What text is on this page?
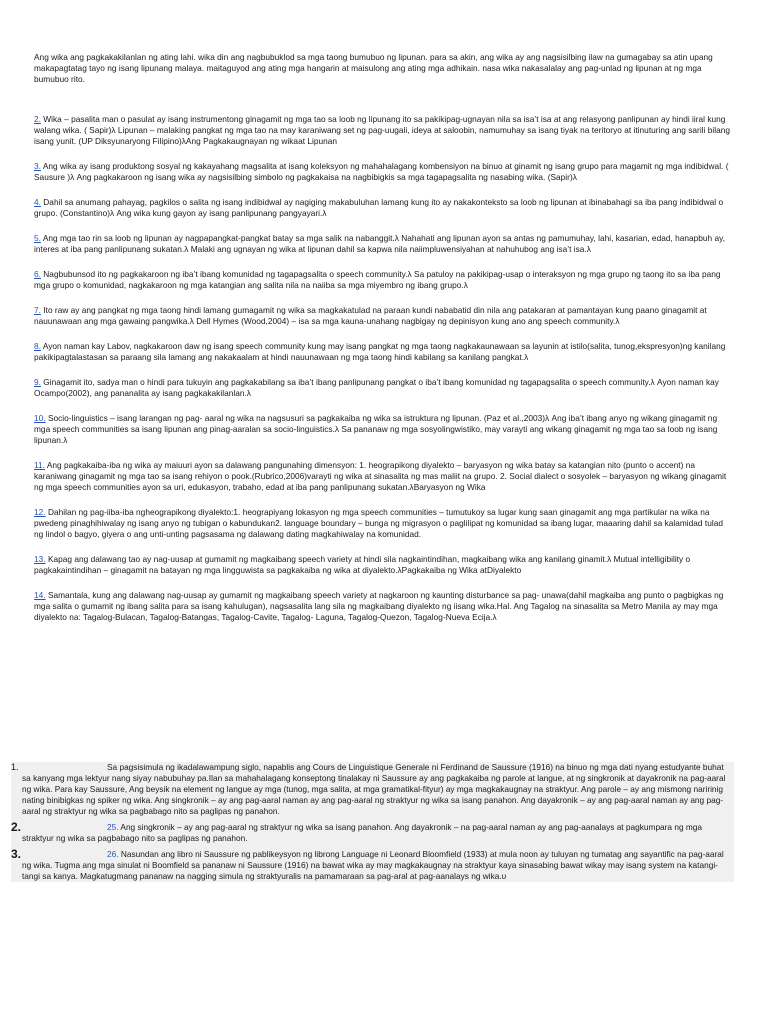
Ang wika ang pagkakakilanlan ng ating lahi. wika din ang nagbubuklod sa mga taong bumubuo ng lipunan. para sa akin, ang wika ay ang nagsisilbing ilaw na gumagabay sa atin upang makapagtatag tayo ng isang lipunang malaya. maitaguyod ang ating mga hangarin at maisulong ang ating mga adhikain. nasa wika nakasalalay ang pag-unlad ng lipunan at ng mga bumubuo rito.

2. Wika – pasalita man o pasulat ay isang instrumentong ginagamit ng mga tao sa loob ng lipunang ito sa pakikipag-ugnayan nila sa isa’t isa at ang relasyong panlipunan ay hindi iiral kung walang wika. ( Sapir)λ Lipunan – malaking pangkat ng mga tao na may karaniwang set ng pag-uugali, ideya at saloobin, namumuhay sa isang tiyak na teritoryo at itinuturing ang sarili bilang isang yunit. (UP Diksyunaryong Filipino)λAng Pagkakaugnayan ng wikaat Lipunan

3. Ang wika ay isang produktong sosyal ng kakayahang magsalita at isang koleksyon ng mahahalagang kombensiyon na binuo at ginamit ng isang grupo para magamit ng mga indibidwal. ( Sausure )λ Ang pagkakaroon ng isang wika ay nagsisilbing simbolo ng pagkakaisa na nagbibigkis sa mga tagapagsalita ng nasabing wika. (Sapir)λ

4. Dahil sa anumang pahayag, pagkilos o salita ng isang indibidwal ay nagiging makabuluhan lamang kung ito ay nakakonteksto sa loob ng lipunan at ibinabahagi sa iba pang indibidwal o grupo. (Constantino)λ Ang wika kung gayon ay isang panlipunang pangyayari.λ

5. Ang mga tao rin sa loob ng lipunan ay nagpapangkat-pangkat batay sa mga salik na nabanggit.λ Nahahati ang lipunan ayon sa antas ng pamumuhay, lahi, kasarian, edad, hanapbuh ay, interes at iba pang panlipunang sukatan.λ Malaki ang ugnayan ng wika at lipunan dahil sa kapwa nila naiimpluwensiyahan at nahuhubog ang isa’t isa.λ

6. Nagbubunsod ito ng pagkakaroon ng iba’t ibang komunidad ng tagapagsalita o speech community.λ Sa patuloy na pakikipag-usap o interaksyon ng mga grupo ng taong ito sa iba pang mga grupo o komunidad, nagkakaroon ng mga katangian ang salita nila na naiiba sa mga miyembro ng ibang grupo.λ

7. Ito raw ay ang pangkat ng mga taong hindi lamang gumagamit ng wika sa magkakatulad na paraan kundi nababatid din nila ang patakaran at pamantayan kung paano ginagamit at nauunawaan ang mga gawaing pangwika.λ Dell Hymes (Wood,2004) – isa sa mga kauna-unahang nagbigay ng depinisyon kung ano ang speech community.λ

8. Ayon naman kay Labov, nagkakaroon daw ng isang speech community kung may isang pangkat ng mga taong nagkakaunawaan sa layunin at istilo(salita, tunog,ekspresyon)ng kanilang pakikipagtalastasan sa paraang sila lamang ang nakakaalam at hindi nauunawaan ng mga taong hindi kabilang sa kanilang pangkat.λ

9. Ginagamit ito, sadya man o hindi para tukuyin ang pagkakabilang sa iba’t ibang panlipunang pangkat o iba’t ibang komunidad ng tagapagsalita o speech community.λ Ayon naman kay Ocampo(2002), ang pananalita ay isang pagkakakilanlan.λ

10. Socio-linguistics – isang larangan ng pag- aaral ng wika na nagsusuri sa pagkakaiba ng wika sa istruktura ng lipunan. (Paz et al.,2003)λ Ang iba’t ibang anyo ng wikang ginagamit ng mga speech communities sa isang lipunan ang pinag-aaralan sa socio-linguistics.λ Sa pananaw ng mga sosyolingwistiko, may varayti ang wikang ginagamit ng mga tao sa loob ng isang lipunan.λ

11. Ang pagkakaiba-iba ng wika ay maiuuri ayon sa dalawang pangunahing dimensyon: 1. heograpikong diyalekto – baryasyon ng wika batay sa katangian nito (punto o accent) na karaniwang ginagamit ng mga tao sa isang rehiyon o pook.(Rubrico,2006)varayti ng wika at sinasalita ng mas maliit na grupo. 2. Social dialect o sosyolek – baryasyon ng wikang ginagamit ng mga speech communities ayon sa uri, edukasyon, trabaho, edad at iba pang panlipunang sukatan.λBaryasyon ng Wika

12. Dahilan ng pag-iiba-iba ngheograpikong diyalekto:1. heograpiyang lokasyon ng mga speech communities – tumutukoy sa lugar kung saan ginagamit ang mga partikular na wika na pwedeng pinaghihiwalay ng isang anyo ng tubigan o kabundukan2. language boundary – bunga ng migrasyon o paglilipat ng komunidad sa ibang lugar, maaaring dahil sa kalamidad tulad ng lindol o bagyo, giyera o ang unti-unting pagsasama ng dalawang dating magkahiwalay na komunidad.

13. Kapag ang dalawang tao ay nag-uusap at gumamit ng magkaibang speech variety at hindi sila nagkaintindihan, magkaibang wika ang kanilang ginamit.λ Mutual intelligibility o pagkakaintindihan – ginagamit na batayan ng mga lingguwista sa pagkakaiba ng wika at diyalekto.λPagkakaiba ng Wika atDiyalekto

14. Samantala, kung ang dalawang nag-uusap ay gumamit ng magkaibang speech variety at nagkaroon ng kaunting disturbance sa pag- unawa(dahil magkaiba ang punto o pagbigkas ng mga salita o gumamit ng ibang salita para sa isang kahulugan), nagsasalita lang sila ng magkaibang diyalekto ng iisang wika.Hal. Ang Tagalog na sinasalita sa Metro Manila ay may mga diyalekto na: Tagalog-Bulacan, Tagalog-Batangas, Tagalog-Cavite, Tagalog- Laguna, Tagalog-Quezon, Tagalog-Nueva Ecija.λ

1.	Sa pagsisimula ng ikadalawampung siglo, napablis ang Cours de Linguistique Generale ni Ferdinand de Saussure (1916) na binuo ng mga dati nyang estudyante buhat sa kanyang mga lektyur nang siyay nabubuhay pa.Ilan sa mahahalagang konseptong tinalakay ni Saussure ay ang pagkakaiba ng parole at langue, at ng singkronik at dayakronik na pag-aaral ng wika. Para kay Saussure, Ang beysik na element ng langue ay mga (tunog, mga salita, at mga gramatikal-fityur) ay mga magkakaugnay na straktyur. Ang parole – ay ang mismong naririnig nating binibigkas ng spiker ng wika. Ang singkronik – ay ang pag-aaral naman ay ang pag-aaral ng straktyur ng wika sa isang panahon. Ang dayakronik – ay ang pag-aaral naman ay ang pag-aaral ng straktyur ng wika sa pagbabago nito sa paglipas ng panahon.
2.	25. Ang singkronik – ay ang pag-aaral ng straktyur ng wika sa isang panahon. Ang dayakronik – na pag-aaral naman ay ang pag-aanalays at pagkumpara ng mga straktyur ng wika sa pagbabago nito sa paglipas ng panahon.
3.	26. Nasundan ang libro ni Saussure ng pablikeysyon ng librong Language ni Leonard Bloomfield (1933) at mula noon ay tuluyan ng tumatag ang sayantific na pag-aaral ng wika. Tugma ang mga sinulat ni Boomfield sa pananaw ni Saussure (1916) na bawat wika ay may magkakaugnay na straktyur kaya sinasabing bawat wikay may isang system na katangi-tangi sa kanya. Magkatugmang pananaw na nagging simula ng straktyuralis na pamamaraan sa pag-aral at pag-aanalays ng wika.υ
